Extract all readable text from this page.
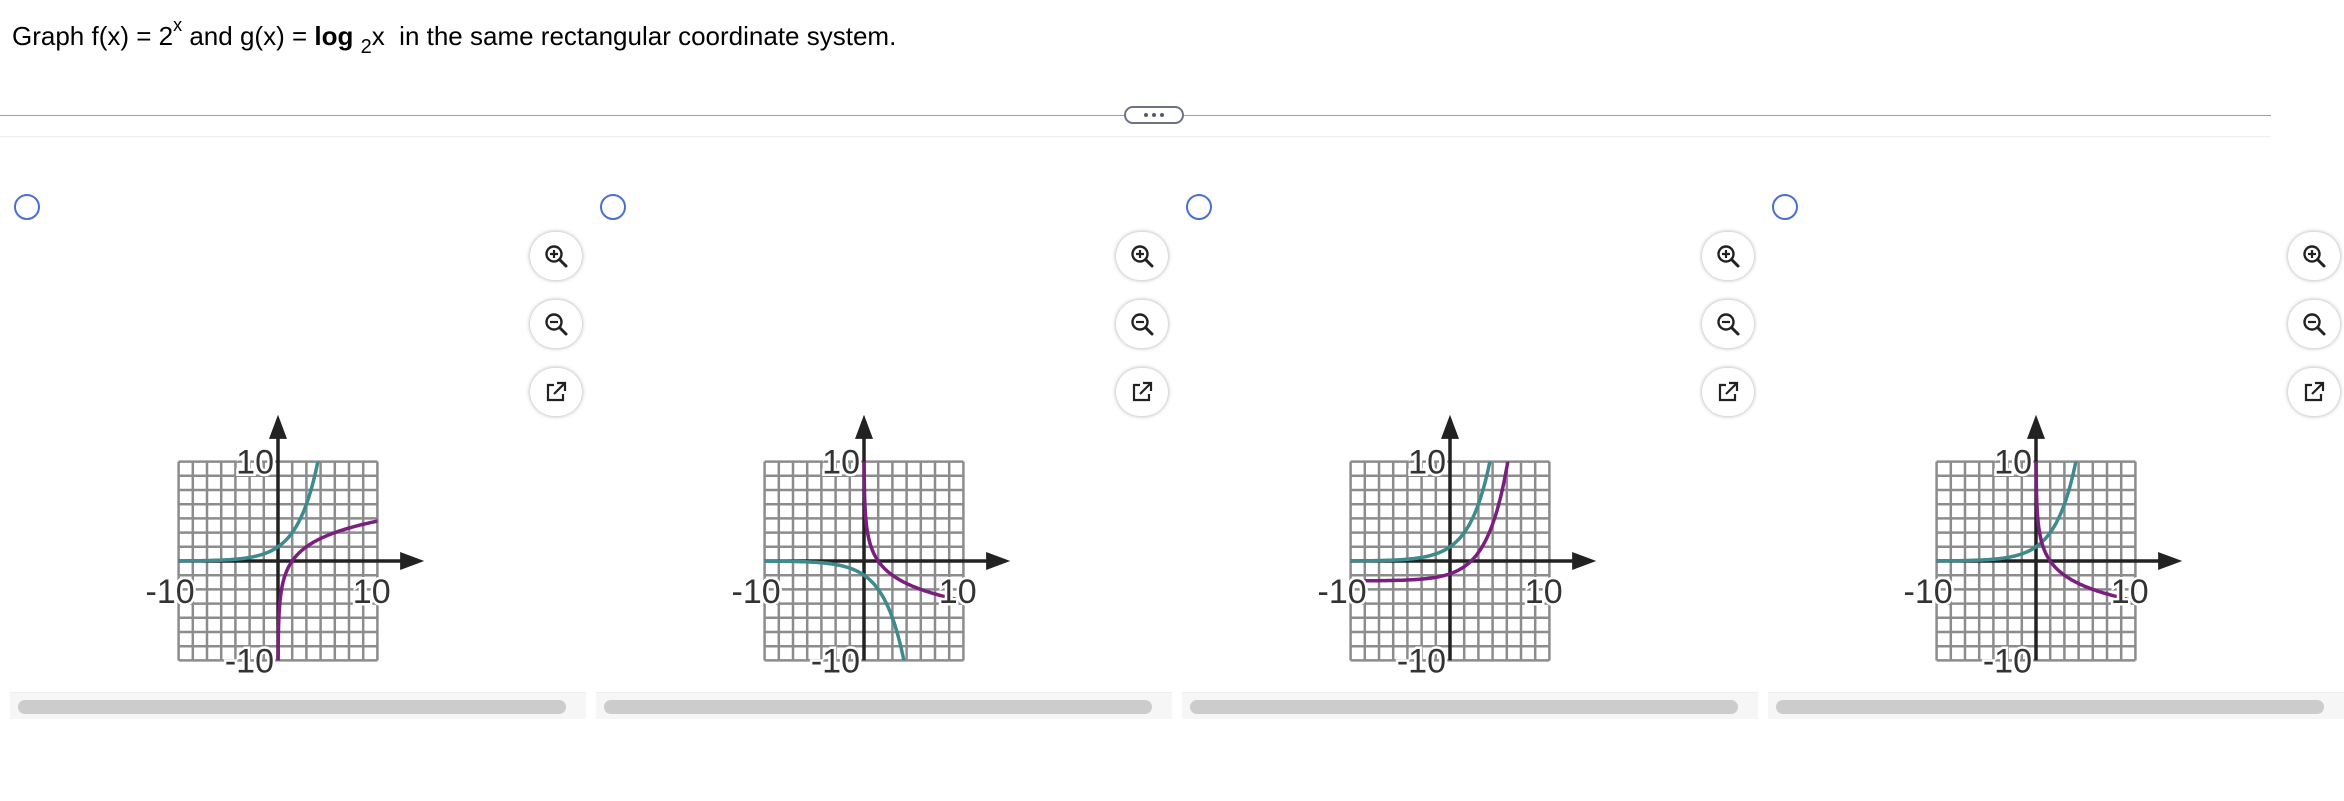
Graph $f(x) = 2^x$ and g(x) = log $_2$x  in the same rectangular coordinate system.
10
-10	10
-10
10
-10	10
-10
10
-10	10
-10
10
-10	10
-10
